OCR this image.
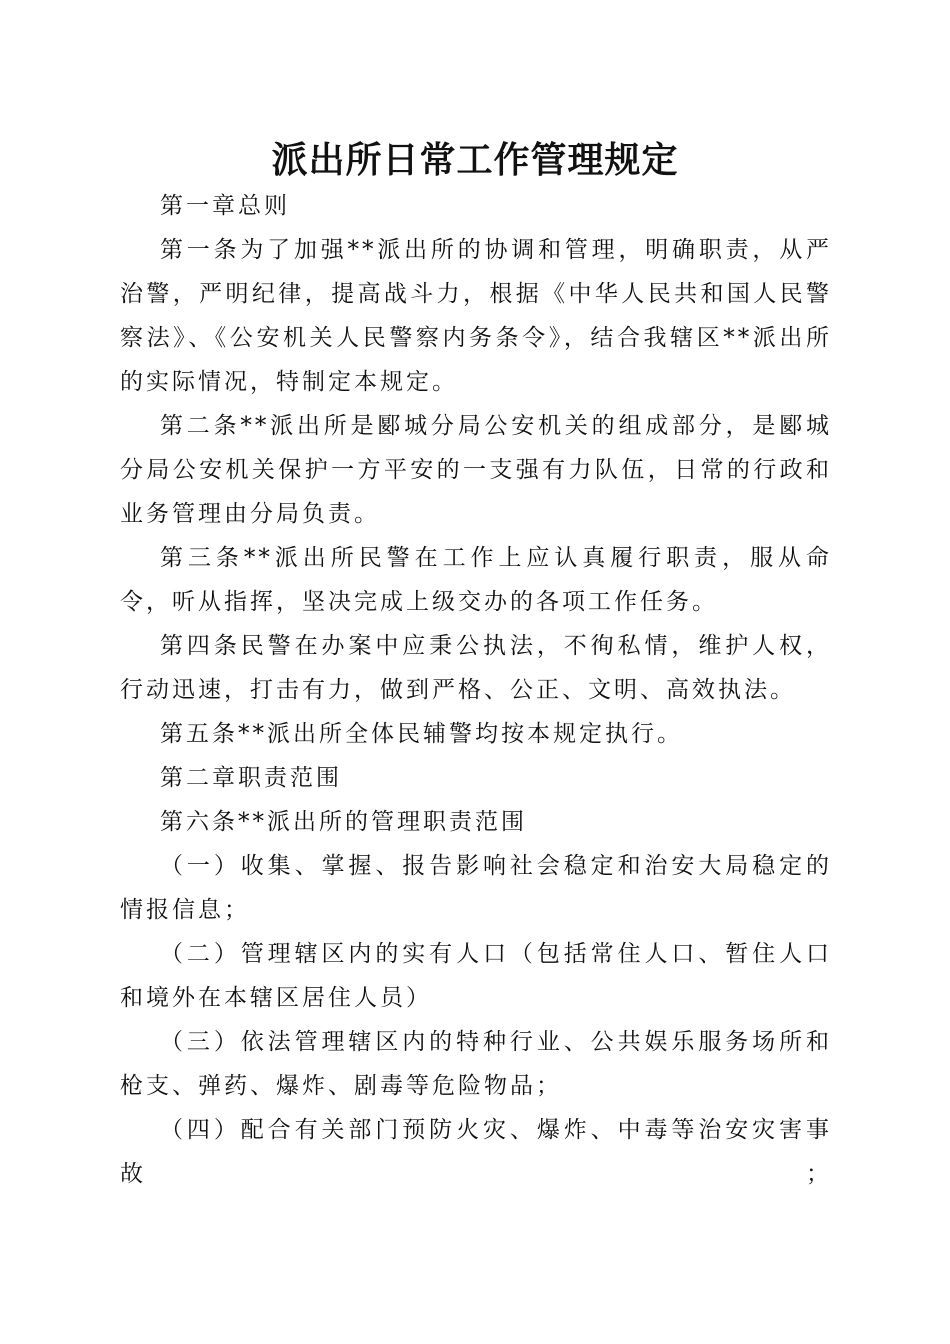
派出所日常工作管理规定

第一章总则

第一条为了加强**派出所的协调和管理，明确职责，从严治警，严明纪律，提高战斗力，根据《中华人民共和国人民警察法》、《公安机关人民警察内务条令》，结合我辖区**派出所的实际情况，特制定本规定。

第二条**派出所是郾城分局公安机关的组成部分，是郾城分局公安机关保护一方平安的一支强有力队伍，日常的行政和业务管理由分局负责。

第三条**派出所民警在工作上应认真履行职责，服从命令，听从指挥，坚决完成上级交办的各项工作任务。

第四条民警在办案中应秉公执法，不徇私情，维护人权，行动迅速，打击有力，做到严格、公正、文明、高效执法。

第五条**派出所全体民辅警均按本规定执行。

第二章职责范围

第六条**派出所的管理职责范围

（一）收集、掌握、报告影响社会稳定和治安大局稳定的情报信息；

（二）管理辖区内的实有人口（包括常住人口、暂住人口和境外在本辖区居住人员）

（三）依法管理辖区内的特种行业、公共娱乐服务场所和枪支、弹药、爆炸、剧毒等危险物品；

（四）配合有关部门预防火灾、爆炸、中毒等治安灾害事故；
